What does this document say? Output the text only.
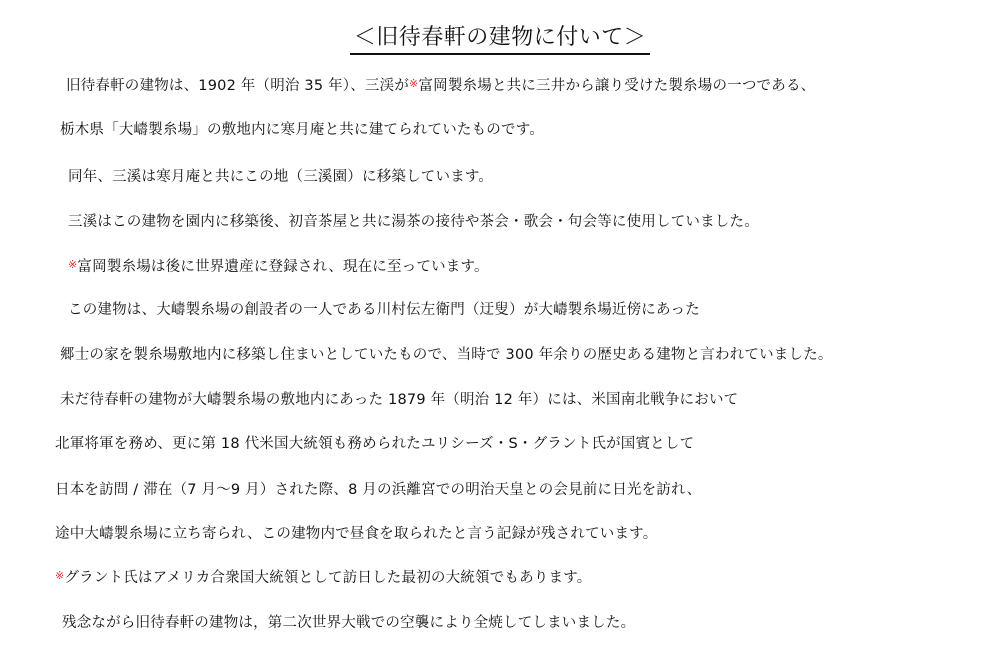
＜旧待春軒の建物に付いて＞
旧待春軒の建物は、1902 年（明治 35 年）、三渓が※富岡製糸場と共に三井から譲り受けた製糸場の一つである、
栃木県「大嶹製糸場」の敷地内に寒月庵と共に建てられていたものです。
同年、三溪は寒月庵と共にこの地（三溪園）に移築しています。
三溪はこの建物を園内に移築後、初音茶屋と共に湯茶の接待や茶会・歌会・句会等に使用していました。
※富岡製糸場は後に世界遺産に登録され、現在に至っています。
この建物は、大嶹製糸場の創設者の一人である川村伝左衛門（迂叟）が大嶹製糸場近傍にあった
郷士の家を製糸場敷地内に移築し住まいとしていたもので、当時で 300 年余りの歴史ある建物と言われていました。
未だ待春軒の建物が大嶹製糸場の敷地内にあった 1879 年（明治 12 年）には、米国南北戦争において
北軍将軍を務め、更に第 18 代米国大統領も務められたユリシーズ・S・グラント氏が国賓として
日本を訪問 / 滞在（7 月～9 月）された際、8 月の浜離宮での明治天皇との会見前に日光を訪れ、
途中大嶹製糸場に立ち寄られ、この建物内で昼食を取られたと言う記録が残されています。
※グラント氏はアメリカ合衆国大統領として訪日した最初の大統領でもあります。
残念ながら旧待春軒の建物は，第二次世界大戦での空襲により全焼してしまいました。
